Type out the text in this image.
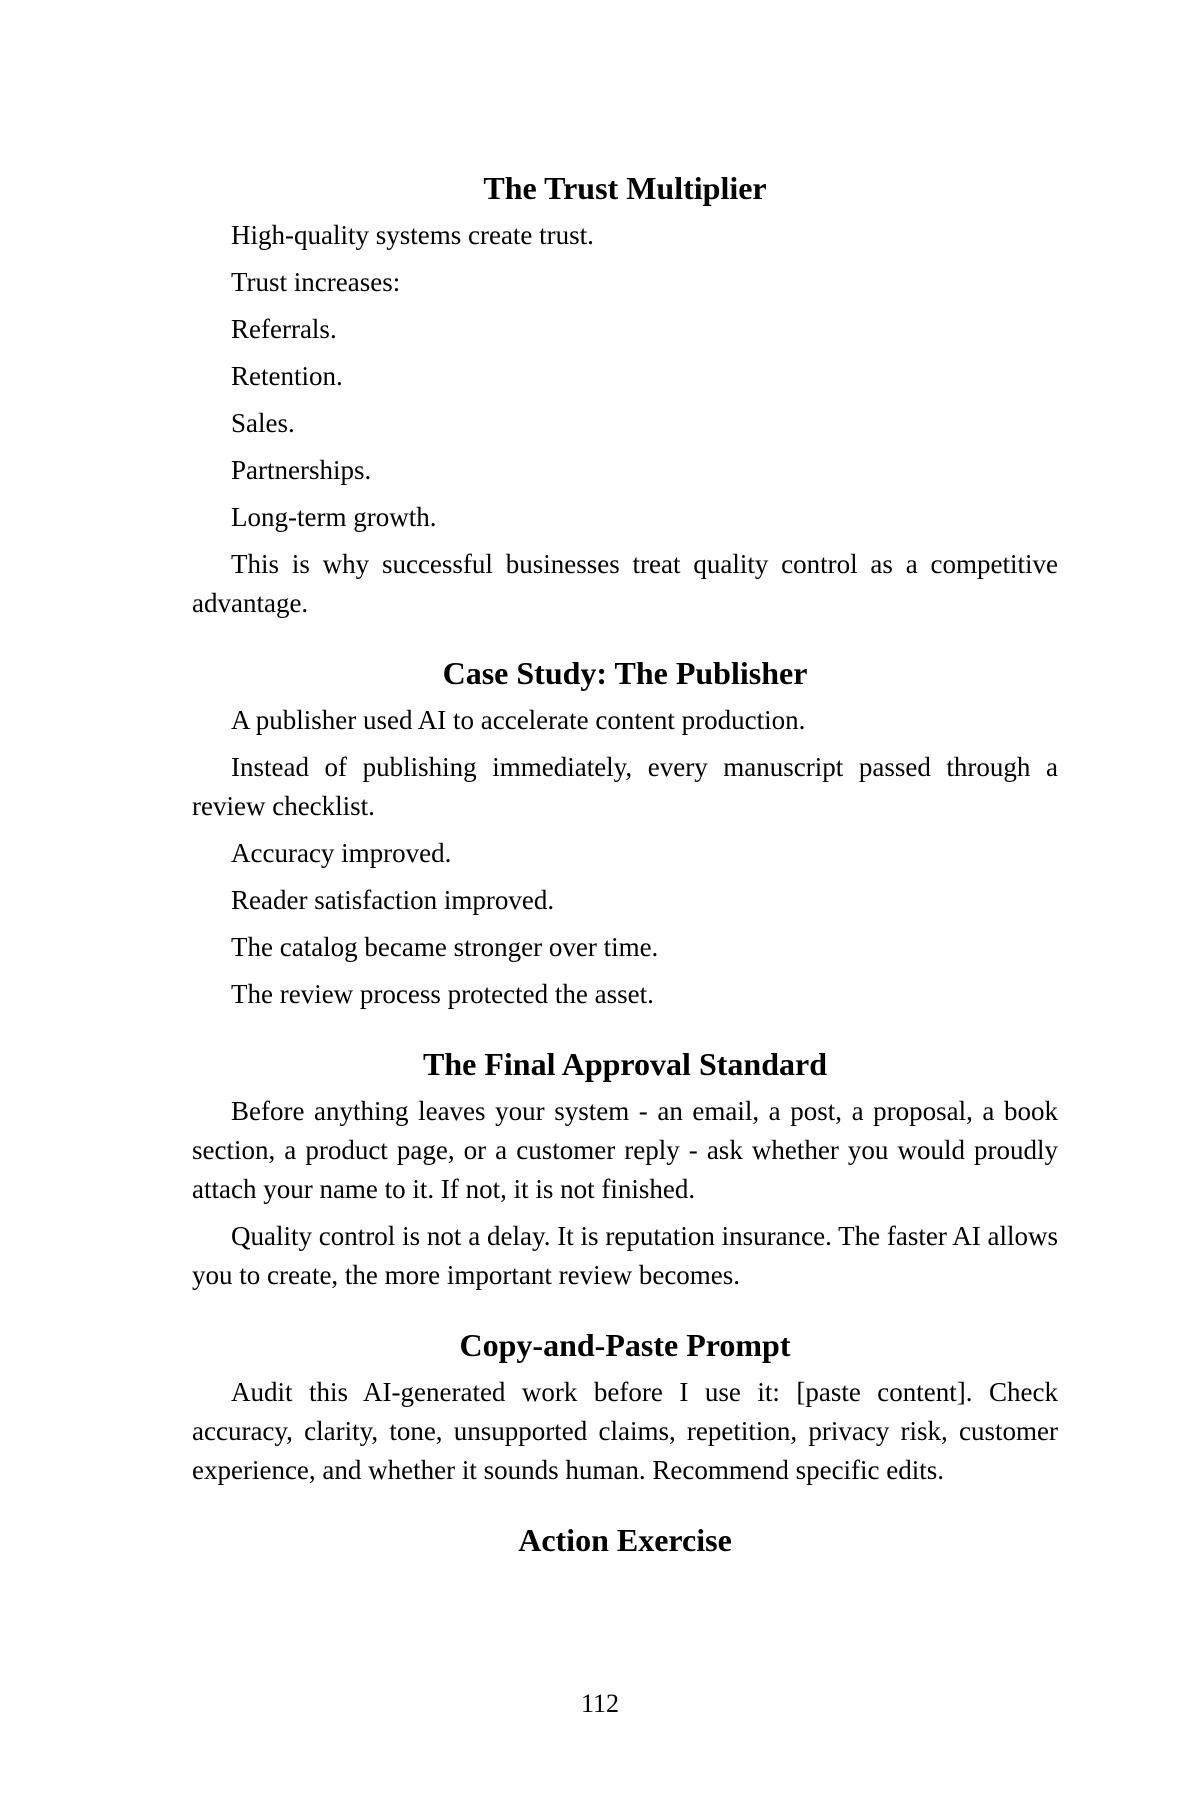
The Trust Multiplier

High-quality systems create trust.

Trust increases:

Referrals.

Retention.

Sales.

Partnerships.

Long-term growth.

This is why successful businesses treat quality control as a competitive advantage.

Case Study: The Publisher

A publisher used AI to accelerate content production.

Instead of publishing immediately, every manuscript passed through a review checklist.

Accuracy improved.

Reader satisfaction improved.

The catalog became stronger over time.

The review process protected the asset.

The Final Approval Standard

Before anything leaves your system - an email, a post, a proposal, a book section, a product page, or a customer reply - ask whether you would proudly attach your name to it. If not, it is not finished.

Quality control is not a delay. It is reputation insurance. The faster AI allows you to create, the more important review becomes.

Copy-and-Paste Prompt

Audit this AI-generated work before I use it: [paste content]. Check accuracy, clarity, tone, unsupported claims, repetition, privacy risk, customer experience, and whether it sounds human. Recommend specific edits.

Action Exercise
112
